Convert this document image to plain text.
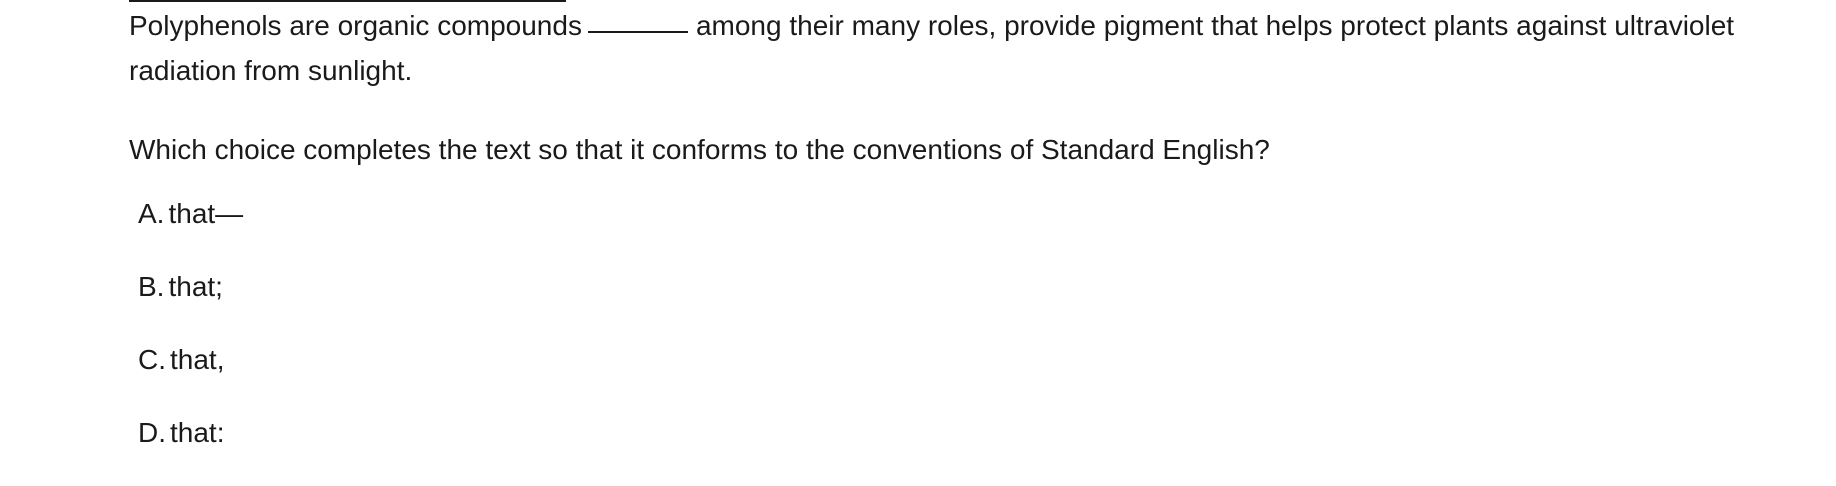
Polyphenols are organic compounds	among their many roles, provide pigment that helps protect plants against ultraviolet radiation from sunlight.
Which choice completes the text so that it conforms to the conventions of Standard English?
A. that—
B. that;
C. that,
D. that:
